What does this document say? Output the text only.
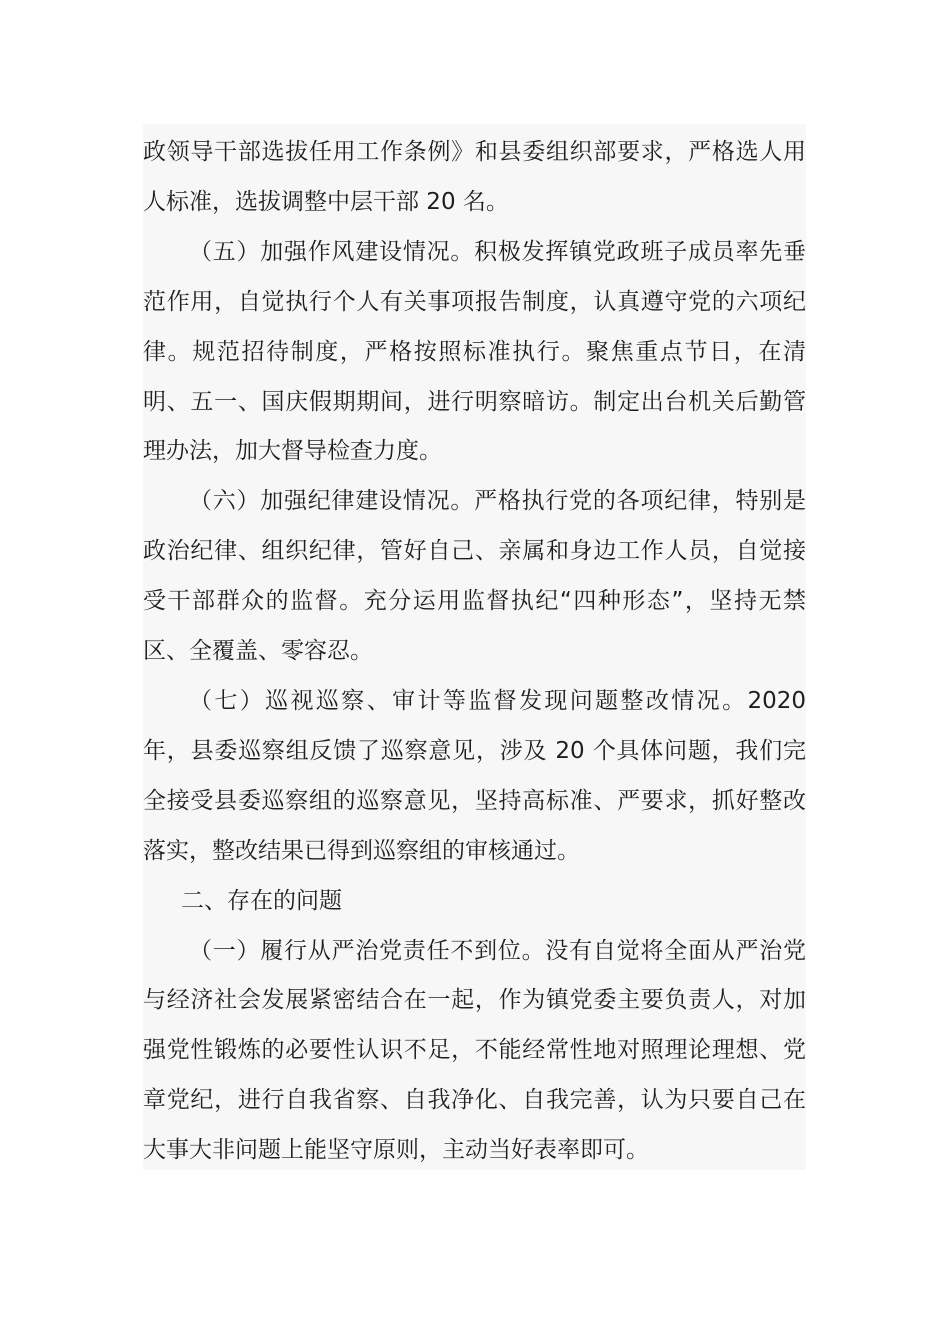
政领导干部选拔任用工作条例》和县委组织部要求，严格选人用人标准，选拔调整中层干部 20 名。

（五）加强作风建设情况。积极发挥镇党政班子成员率先垂范作用，自觉执行个人有关事项报告制度，认真遵守党的六项纪律。规范招待制度，严格按照标准执行。聚焦重点节日，在清明、五一、国庆假期期间，进行明察暗访。制定出台机关后勤管理办法，加大督导检查力度。

（六）加强纪律建设情况。严格执行党的各项纪律，特别是政治纪律、组织纪律，管好自己、亲属和身边工作人员，自觉接受干部群众的监督。充分运用监督执纪“四种形态”，坚持无禁区、全覆盖、零容忍。

（七）巡视巡察、审计等监督发现问题整改情况。2020 年，县委巡察组反馈了巡察意见，涉及 20 个具体问题，我们完全接受县委巡察组的巡察意见，坚持高标准、严要求，抓好整改落实，整改结果已得到巡察组的审核通过。

二、存在的问题

（一）履行从严治党责任不到位。没有自觉将全面从严治党与经济社会发展紧密结合在一起，作为镇党委主要负责人，对加强党性锻炼的必要性认识不足，不能经常性地对照理论理想、党章党纪，进行自我省察、自我净化、自我完善，认为只要自己在大事大非问题上能坚守原则，主动当好表率即可。
